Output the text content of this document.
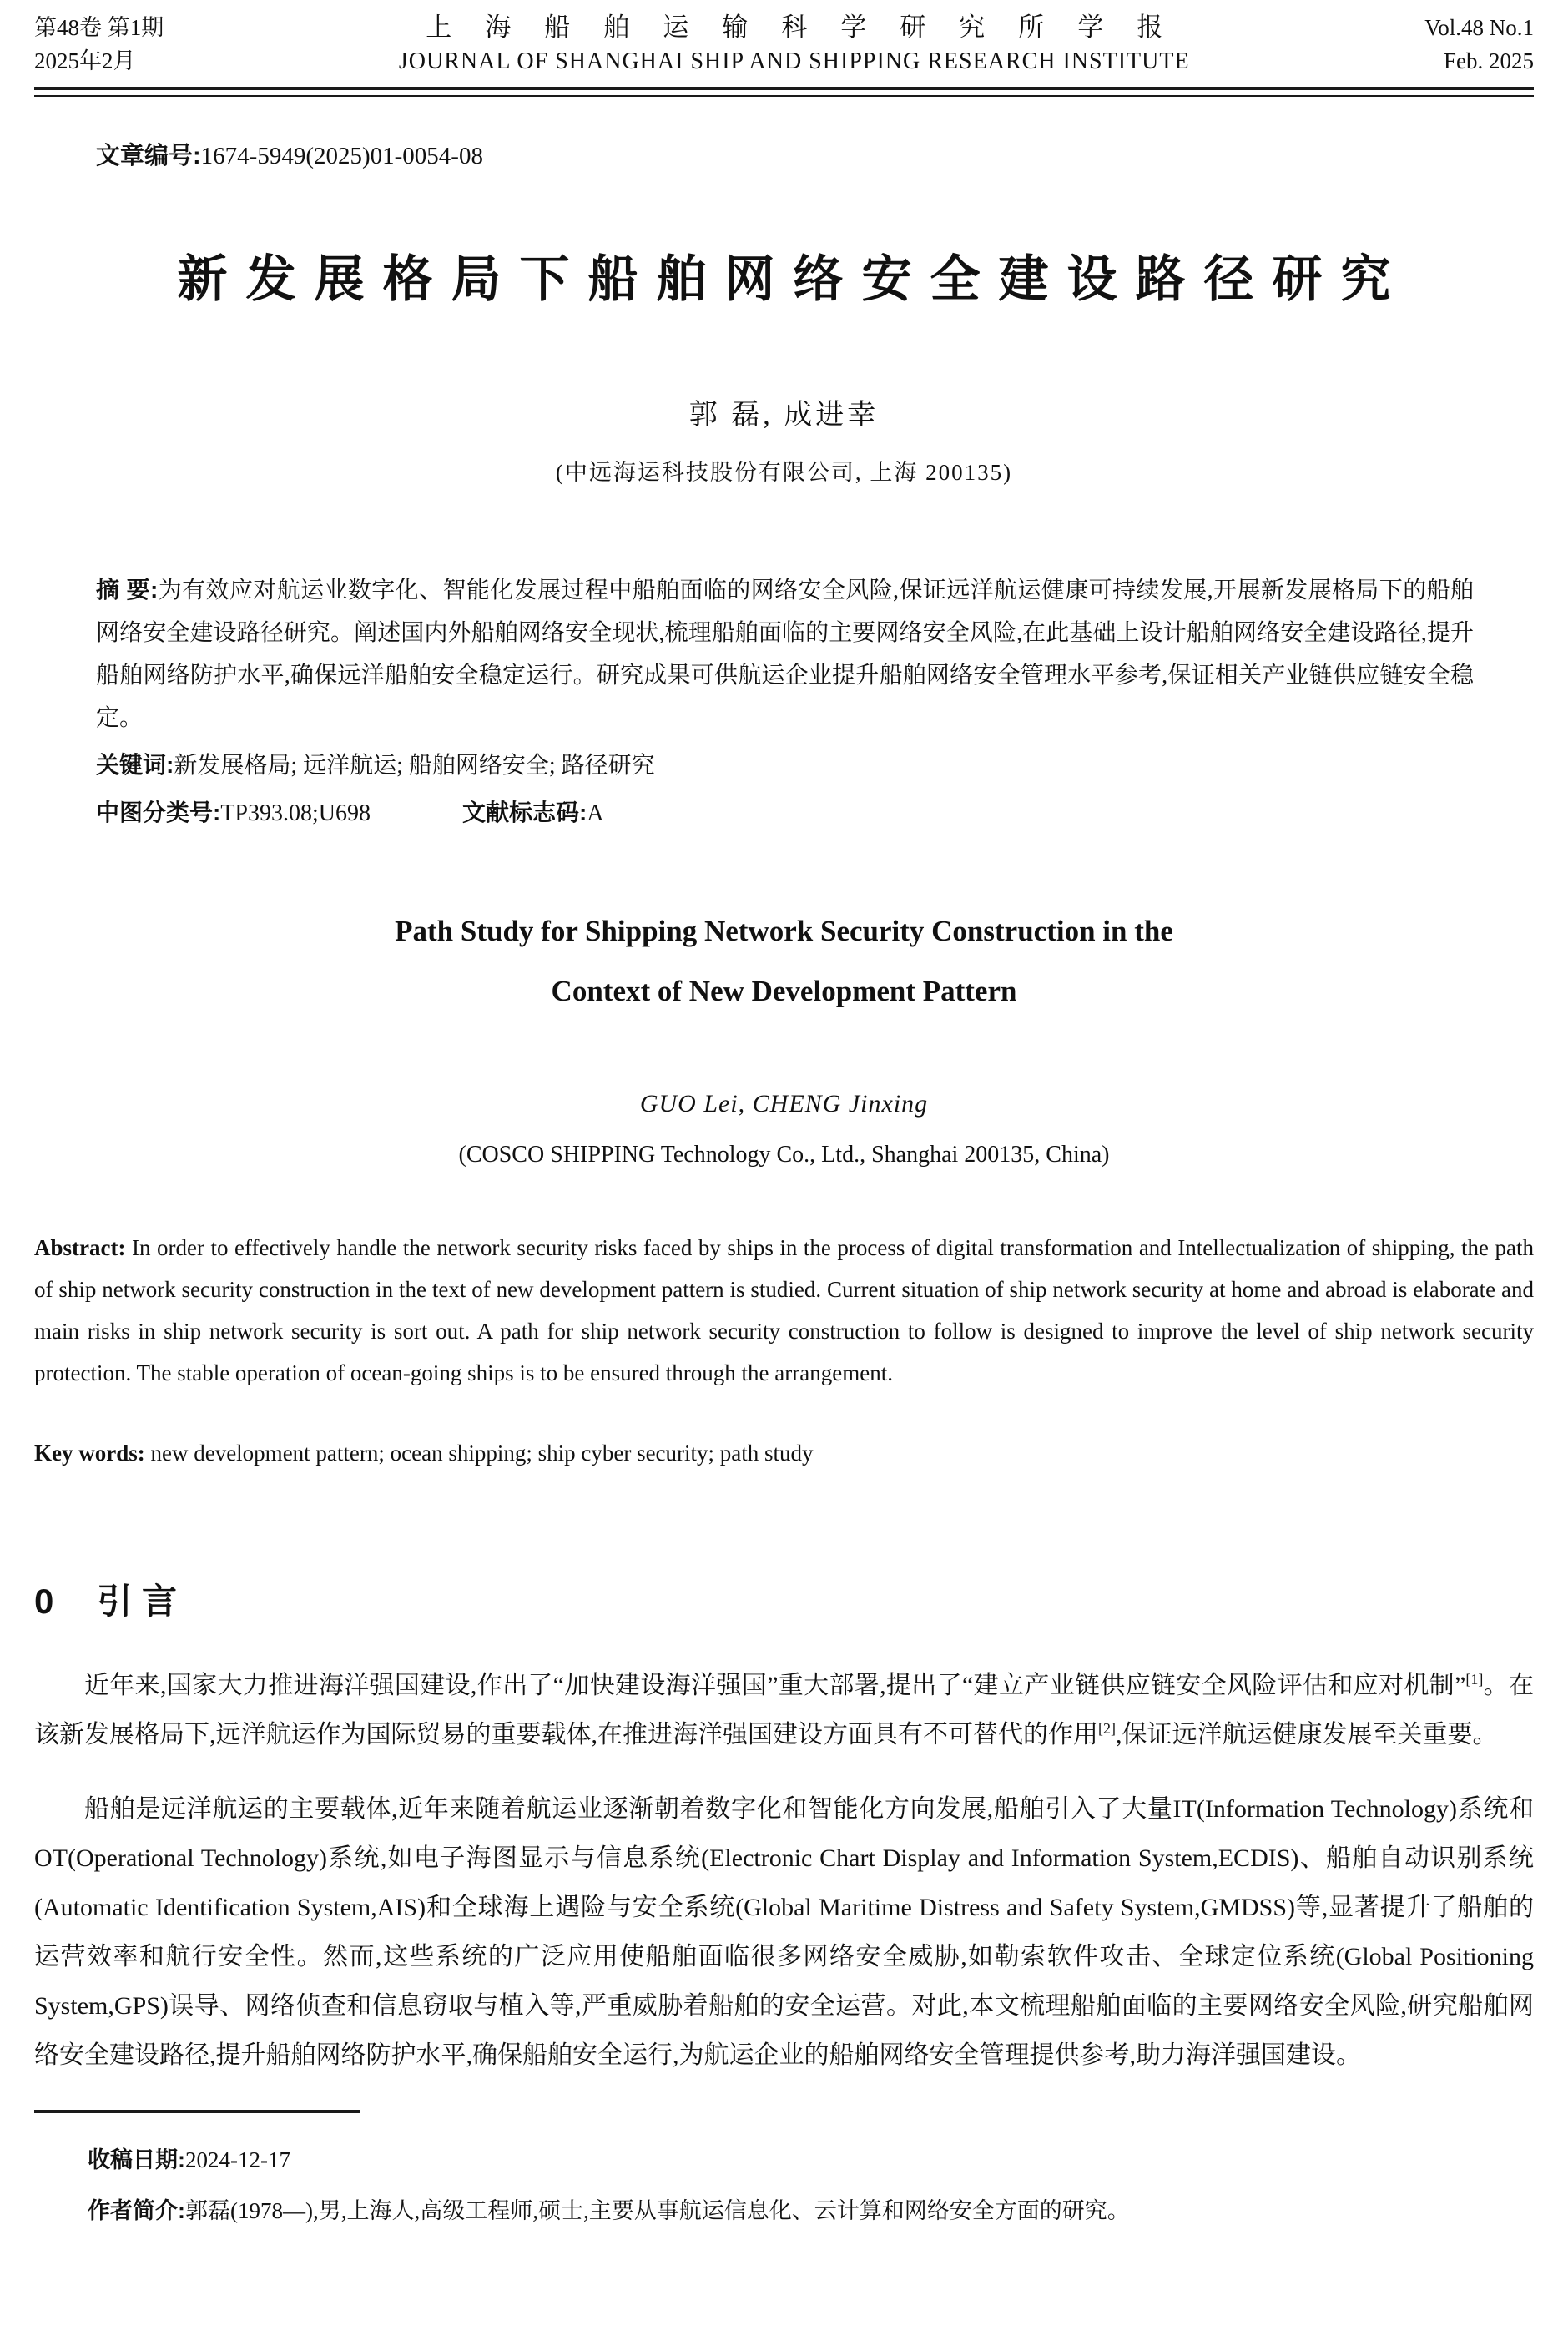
第48卷 第1期
2025年2月
上海船舶运输科学研究所学报
JOURNAL OF SHANGHAI SHIP AND SHIPPING RESEARCH INSTITUTE
Vol.48 No.1
Feb. 2025
文章编号:1674-5949(2025)01-0054-08
新发展格局下船舶网络安全建设路径研究
郭 磊, 成进幸
(中远海运科技股份有限公司, 上海 200135)
摘 要:为有效应对航运业数字化、智能化发展过程中船舶面临的网络安全风险,保证远洋航运健康可持续发展,开展新发展格局下的船舶网络安全建设路径研究。阐述国内外船舶网络安全现状,梳理船舶面临的主要网络安全风险,在此基础上设计船舶网络安全建设路径,提升船舶网络防护水平,确保远洋船舶安全稳定运行。研究成果可供航运企业提升船舶网络安全管理水平参考,保证相关产业链供应链安全稳定。
关键词:新发展格局; 远洋航运; 船舶网络安全; 路径研究
中图分类号:TP393.08;U698	文献标志码:A
Path Study for Shipping Network Security Construction in the
Context of New Development Pattern
GUO Lei, CHENG Jinxing
(COSCO SHIPPING Technology Co., Ltd., Shanghai 200135, China)
Abstract: In order to effectively handle the network security risks faced by ships in the process of digital transformation and Intellectualization of shipping, the path of ship network security construction in the text of new development pattern is studied. Current situation of ship network security at home and abroad is elaborate and main risks in ship network security is sort out. A path for ship network security construction to follow is designed to improve the level of ship network security protection. The stable operation of ocean-going ships is to be ensured through the arrangement.
Key words: new development pattern; ocean shipping; ship cyber security; path study
0 引 言

近年来,国家大力推进海洋强国建设,作出了“加快建设海洋强国”重大部署,提出了“建立产业链供应链安全风险评估和应对机制”[1]。在该新发展格局下,远洋航运作为国际贸易的重要载体,在推进海洋强国建设方面具有不可替代的作用[2],保证远洋航运健康发展至关重要。

船舶是远洋航运的主要载体,近年来随着航运业逐渐朝着数字化和智能化方向发展,船舶引入了大量IT(Information Technology)系统和 OT(Operational Technology)系统,如电子海图显示与信息系统(Electronic Chart Display and Information System,ECDIS)、船舶自动识别系统(Automatic Identification System,AIS)和全球海上遇险与安全系统(Global Maritime Distress and Safety System,GMDSS)等,显著提升了船舶的运营效率和航行安全性。然而,这些系统的广泛应用使船舶面临很多网络安全威胁,如勒索软件攻击、全球定位系统(Global Positioning System,GPS)误导、网络侦查和信息窃取与植入等,严重威胁着船舶的安全运营。对此,本文梳理船舶面临的主要网络安全风险,研究船舶网络安全建设路径,提升船舶网络防护水平,确保船舶安全运行,为航运企业的船舶网络安全管理提供参考,助力海洋强国建设。

收稿日期:2024-12-17
作者简介:郭磊(1978—),男,上海人,高级工程师,硕士,主要从事航运信息化、云计算和网络安全方面的研究。
